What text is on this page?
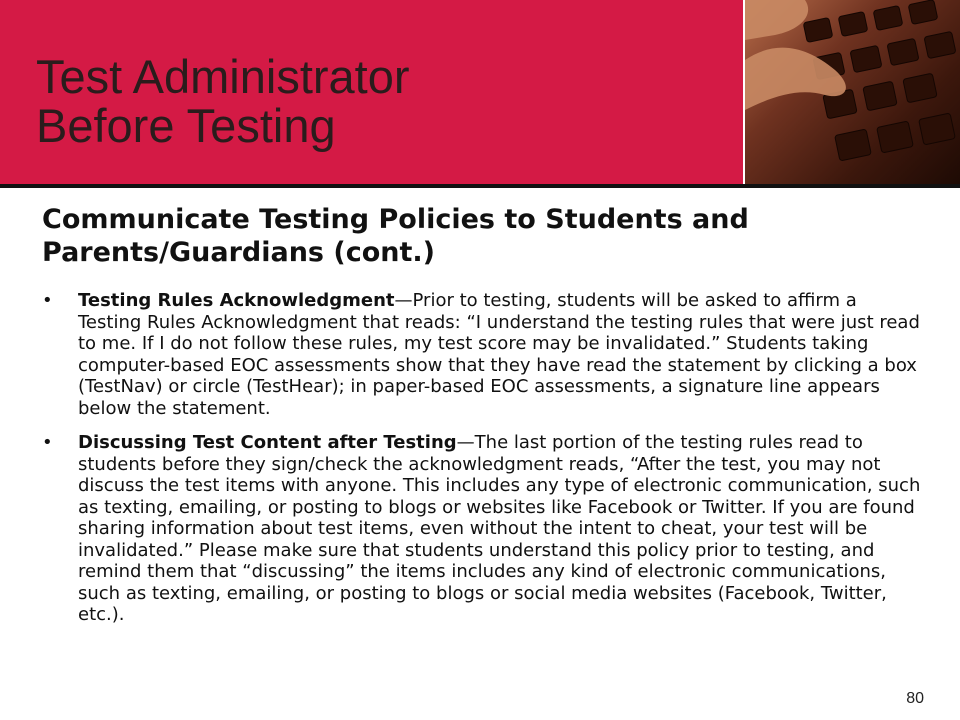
Test Administrator
Before Testing
Communicate Testing Policies to Students and Parents/Guardians (cont.)
• Testing Rules Acknowledgment—Prior to testing, students will be asked to affirm a Testing Rules Acknowledgment that reads: “I understand the testing rules that were just read to me. If I do not follow these rules, my test score may be invalidated.” Students taking computer-based EOC assessments show that they have read the statement by clicking a box (TestNav) or circle (TestHear); in paper-based EOC assessments, a signature line appears below the statement.
• Discussing Test Content after Testing—The last portion of the testing rules read to students before they sign/check the acknowledgment reads, “After the test, you may not discuss the test items with anyone. This includes any type of electronic communication, such as texting, emailing, or posting to blogs or websites like Facebook or Twitter. If you are found sharing information about test items, even without the intent to cheat, your test will be invalidated.” Please make sure that students understand this policy prior to testing, and remind them that “discussing” the items includes any kind of electronic communications, such as texting, emailing, or posting to blogs or social media websites (Facebook, Twitter, etc.).
80
